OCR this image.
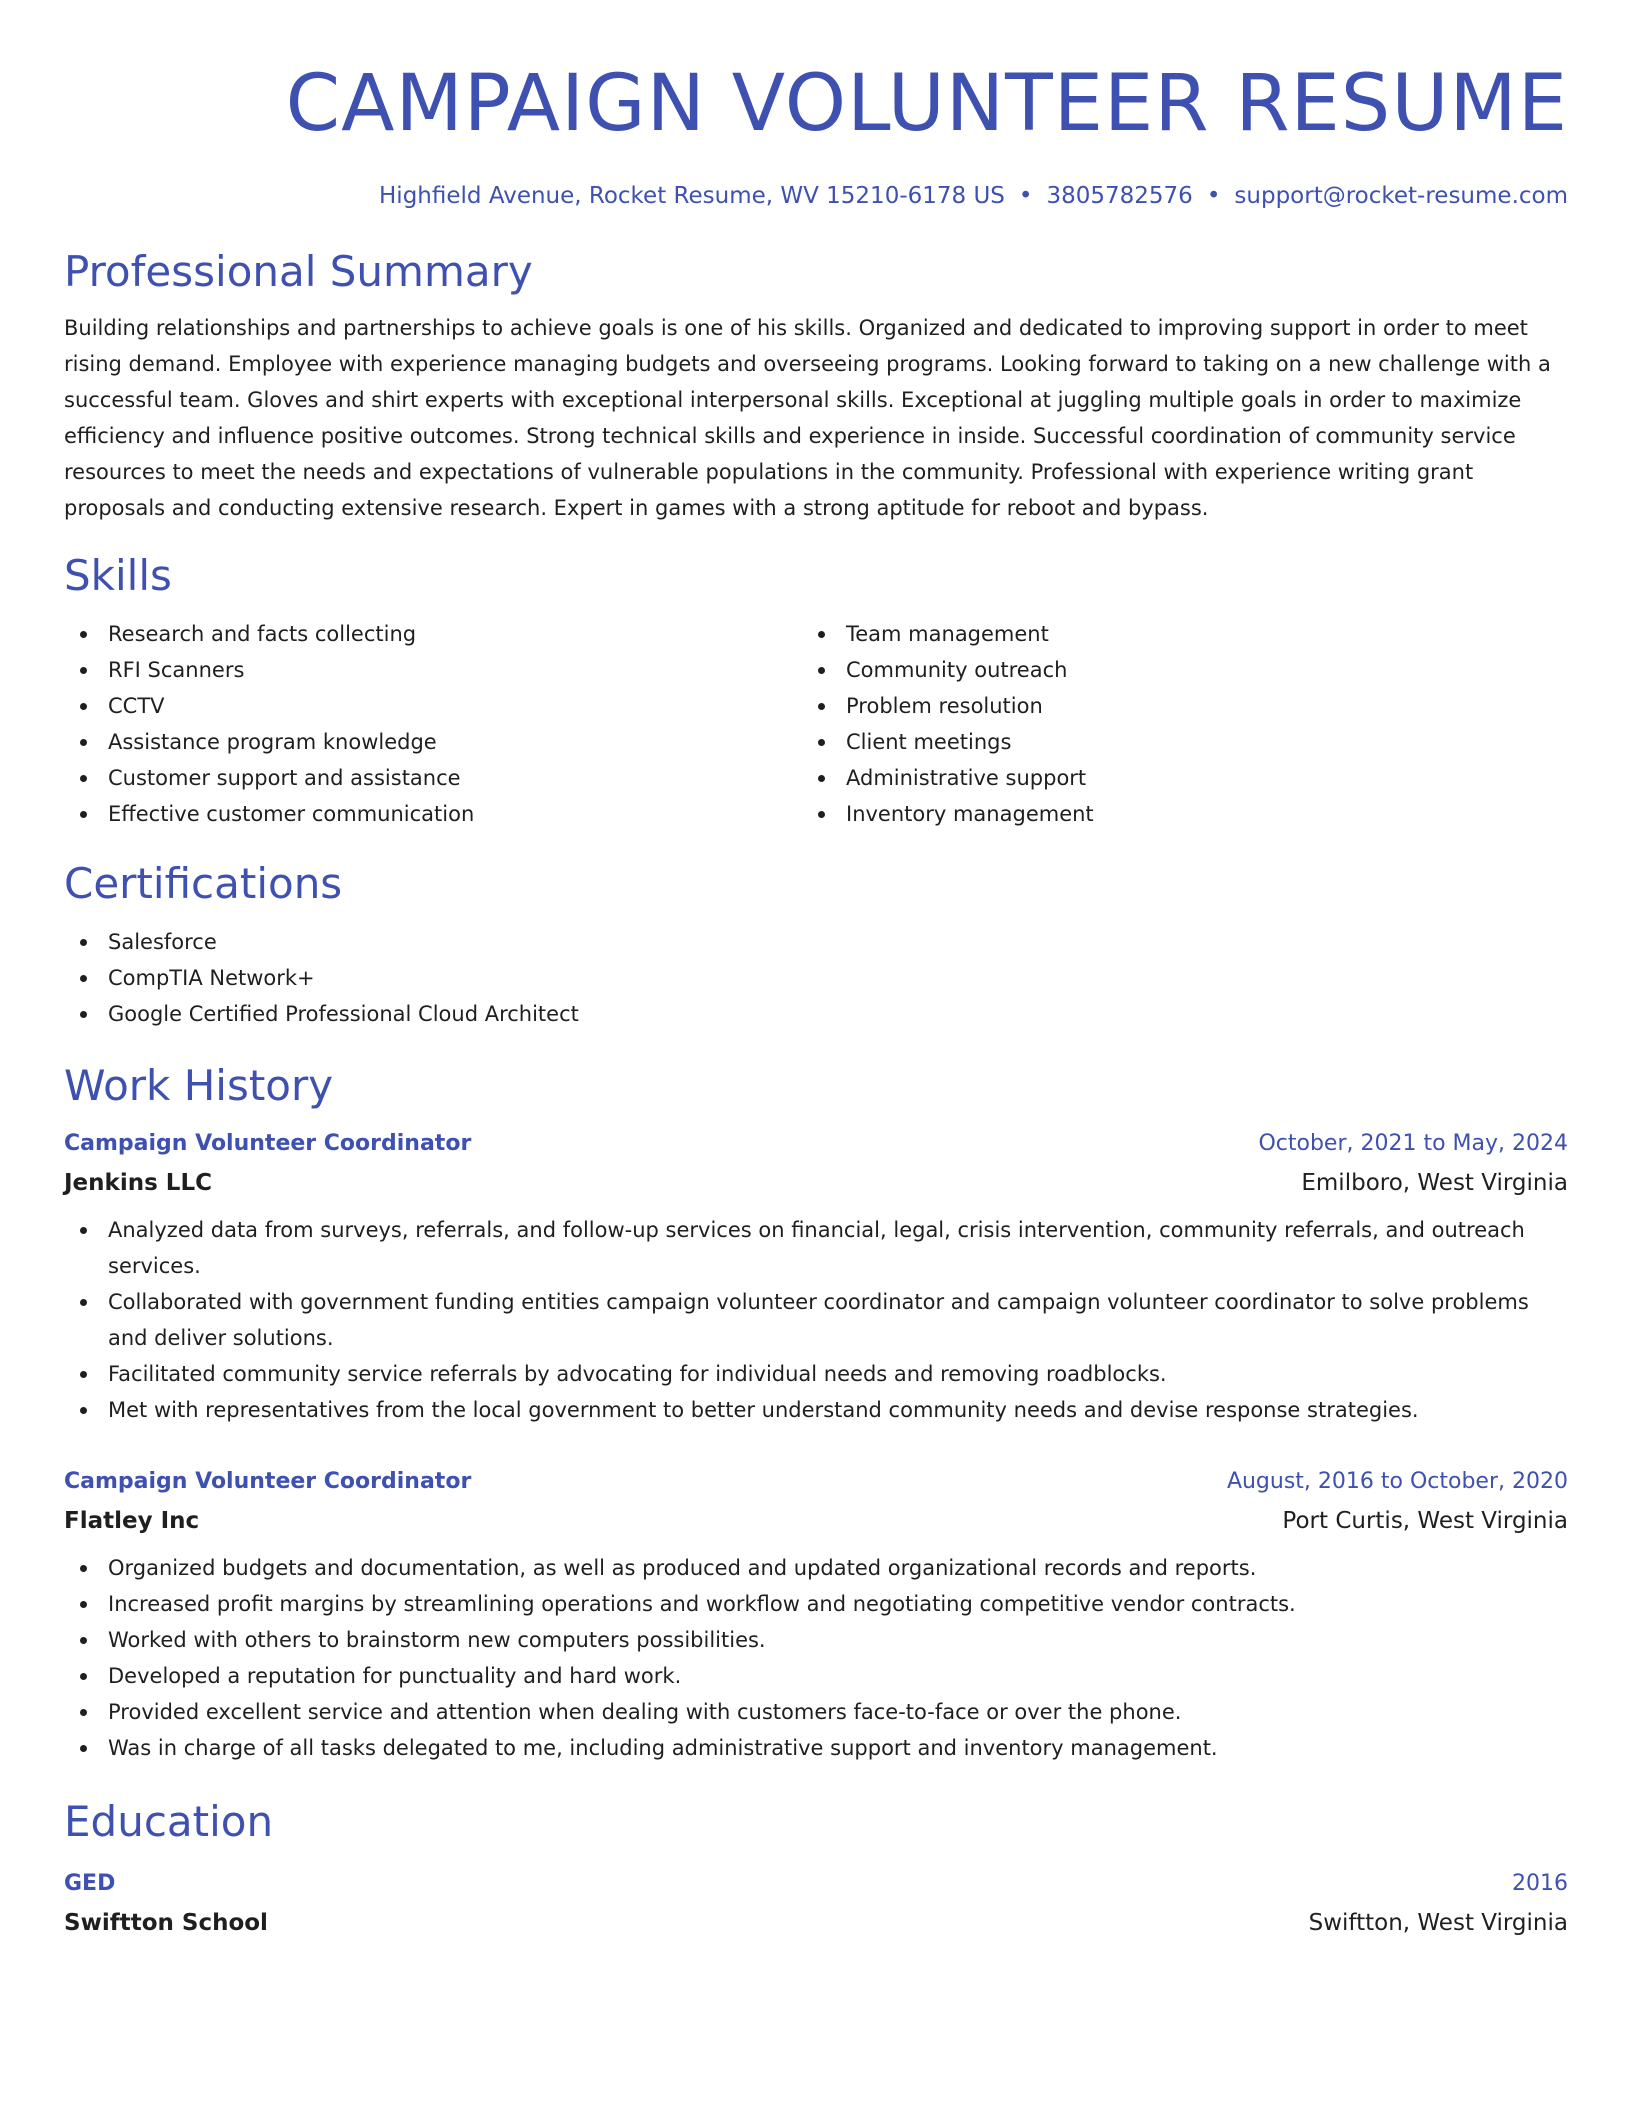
CAMPAIGN VOLUNTEER RESUME
Highfield Avenue, Rocket Resume, WV 15210-6178 US • 3805782576 • support@rocket-resume.com
Professional Summary
Building relationships and partnerships to achieve goals is one of his skills. Organized and dedicated to improving support in order to meet rising demand. Employee with experience managing budgets and overseeing programs. Looking forward to taking on a new challenge with a successful team. Gloves and shirt experts with exceptional interpersonal skills. Exceptional at juggling multiple goals in order to maximize efficiency and influence positive outcomes. Strong technical skills and experience in inside. Successful coordination of community service resources to meet the needs and expectations of vulnerable populations in the community. Professional with experience writing grant proposals and conducting extensive research. Expert in games with a strong aptitude for reboot and bypass.
Skills
Research and facts collecting
RFI Scanners
CCTV
Assistance program knowledge
Customer support and assistance
Effective customer communication
Team management
Community outreach
Problem resolution
Client meetings
Administrative support
Inventory management
Certifications
Salesforce
CompTIA Network+
Google Certified Professional Cloud Architect
Work History
Campaign Volunteer Coordinator	October, 2021 to May, 2024
Jenkins LLC	Emilboro, West Virginia
Analyzed data from surveys, referrals, and follow-up services on financial, legal, crisis intervention, community referrals, and outreach services.
Collaborated with government funding entities campaign volunteer coordinator and campaign volunteer coordinator to solve problems and deliver solutions.
Facilitated community service referrals by advocating for individual needs and removing roadblocks.
Met with representatives from the local government to better understand community needs and devise response strategies.
Campaign Volunteer Coordinator	August, 2016 to October, 2020
Flatley Inc	Port Curtis, West Virginia
Organized budgets and documentation, as well as produced and updated organizational records and reports.
Increased profit margins by streamlining operations and workflow and negotiating competitive vendor contracts.
Worked with others to brainstorm new computers possibilities.
Developed a reputation for punctuality and hard work.
Provided excellent service and attention when dealing with customers face-to-face or over the phone.
Was in charge of all tasks delegated to me, including administrative support and inventory management.
Education
GED	2016
Swiftton School	Swiftton, West Virginia
